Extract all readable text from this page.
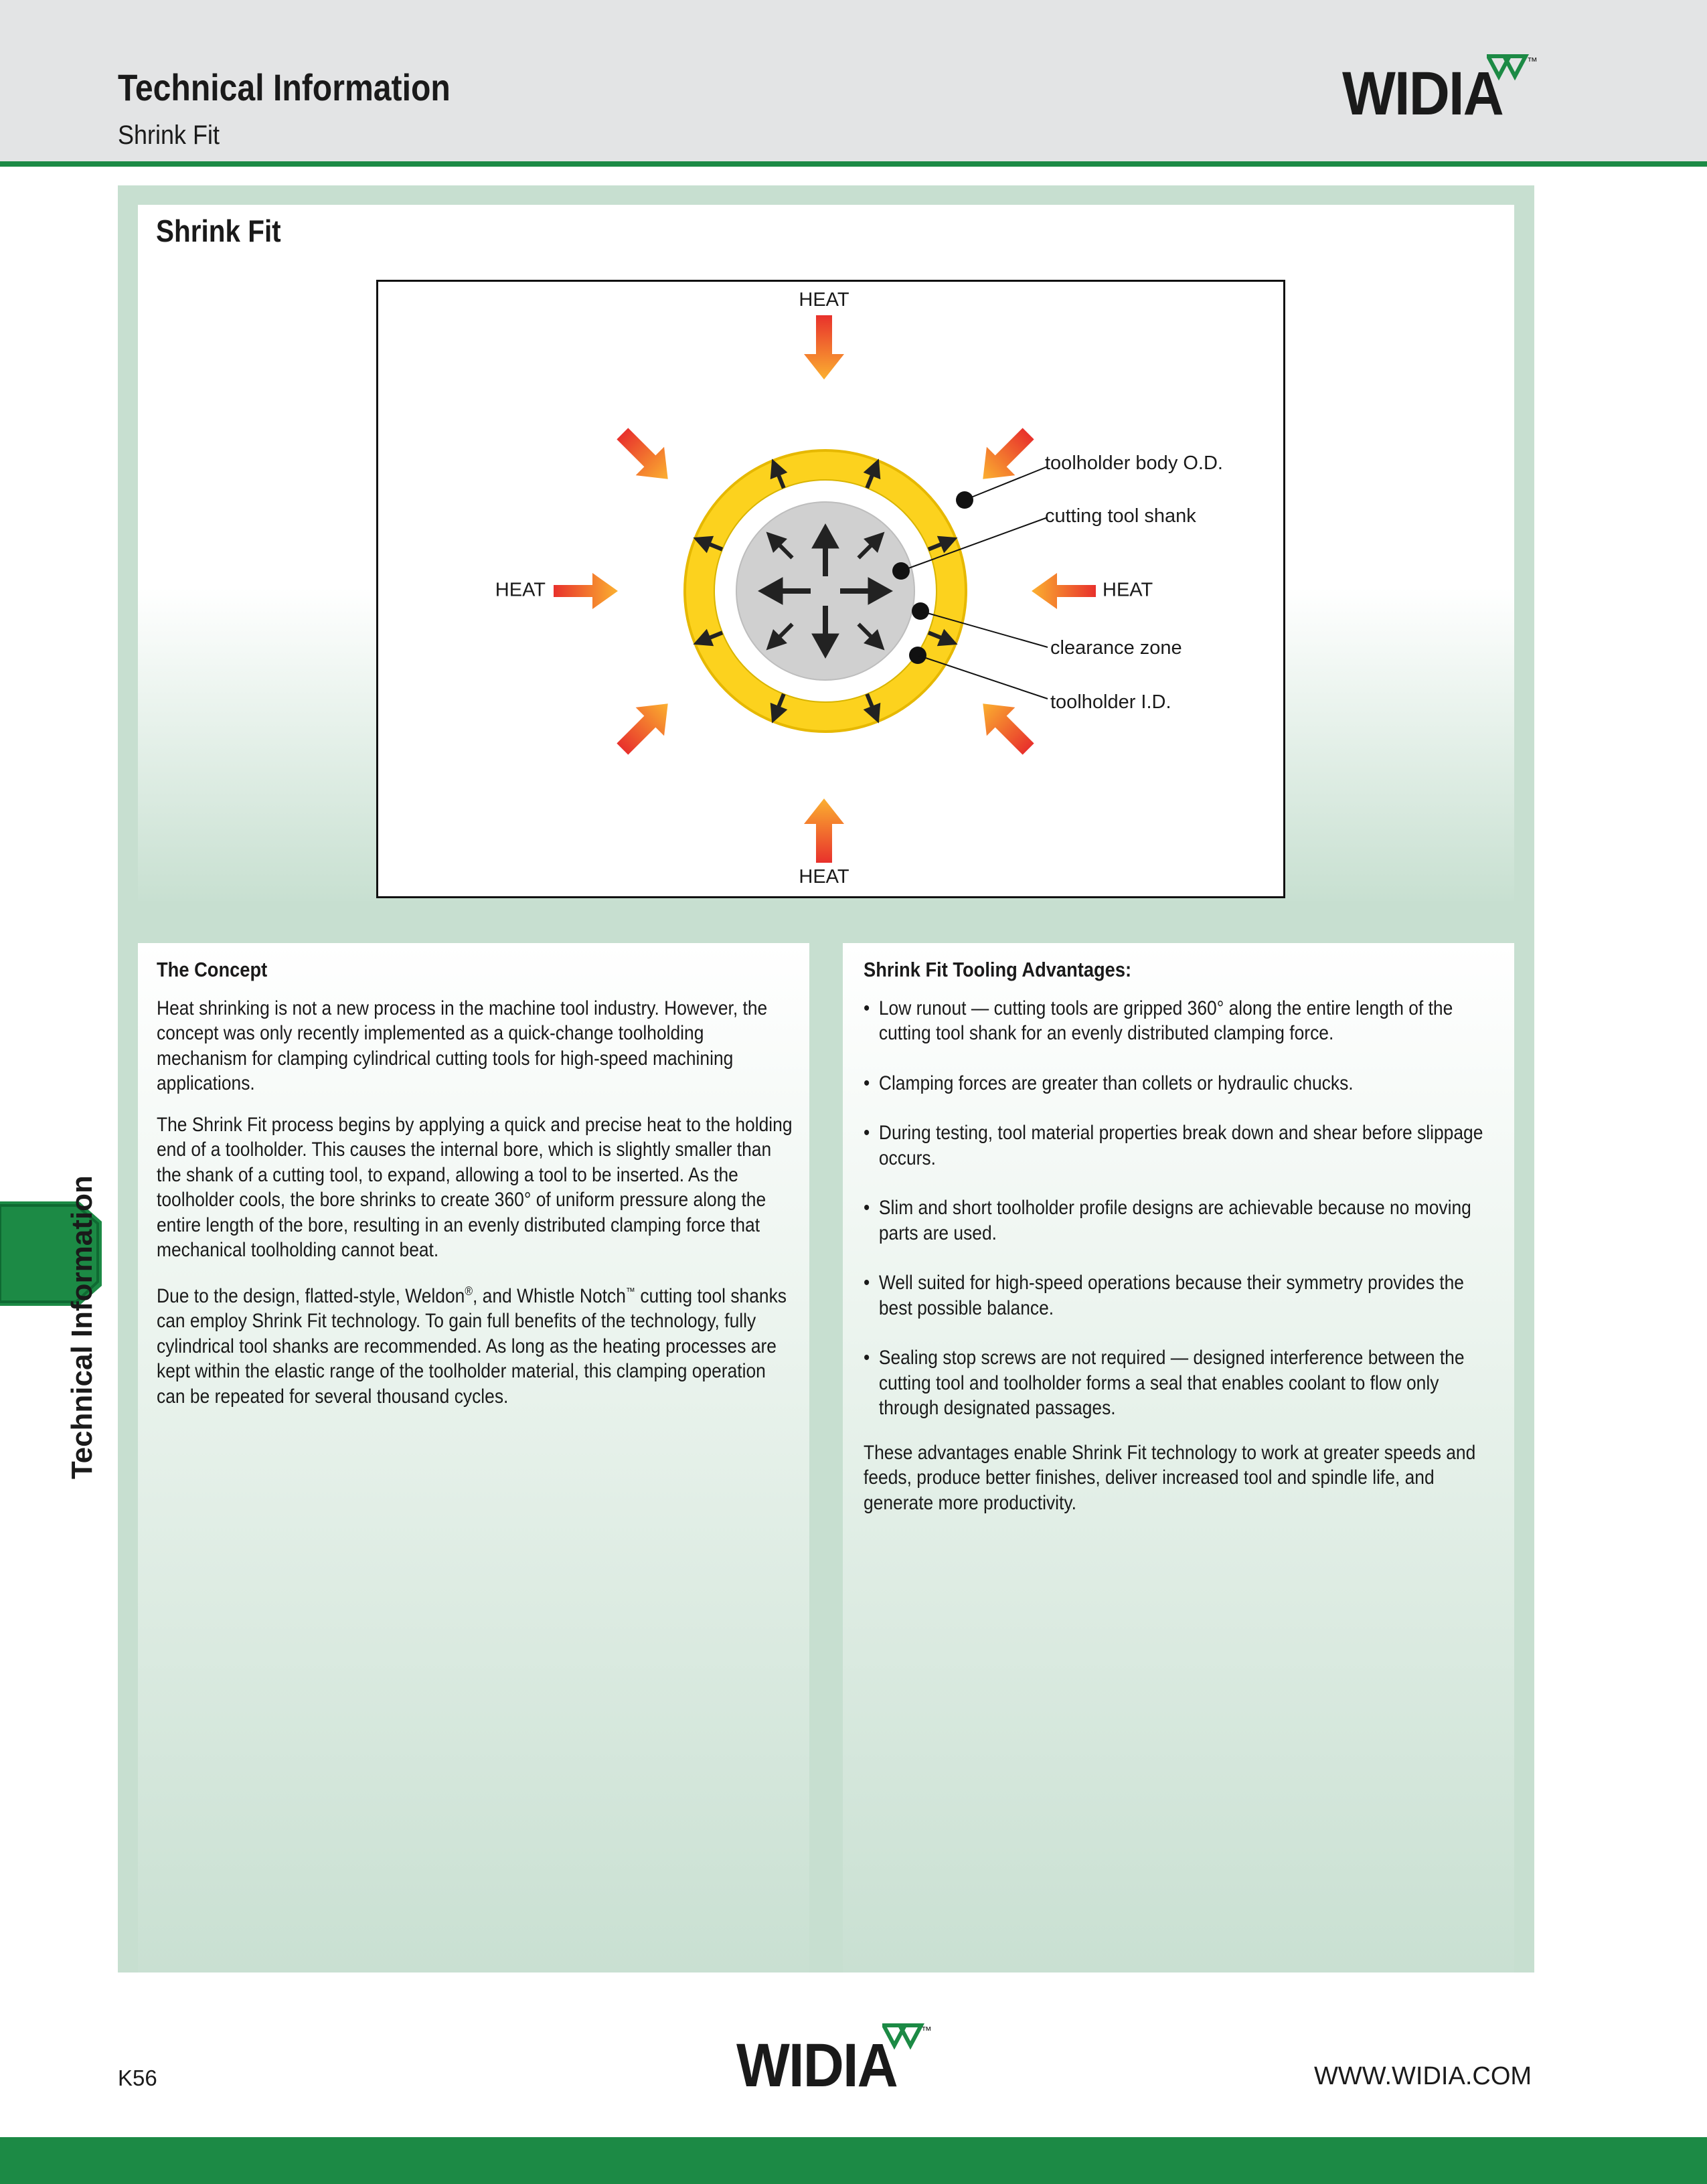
Technical Information
Shrink Fit
WIDIA ™
Shrink Fit
HEAT
HEAT
HEAT	HEAT
toolholder body O.D.
cutting tool shank
clearance zone
toolholder I.D.
The Concept

Heat shrinking is not a new process in the machine tool industry. However, the concept was only recently implemented as a quick-change toolholding mechanism for clamping cylindrical cutting tools for high-speed machining applications.

The Shrink Fit process begins by applying a quick and precise heat to the holding end of a toolholder. This causes the internal bore, which is slightly smaller than the shank of a cutting tool, to expand, allowing a tool to be inserted. As the toolholder cools, the bore shrinks to create 360° of uniform pressure along the entire length of the bore, resulting in an evenly distributed clamping force that mechanical toolholding cannot beat.

Due to the design, flatted-style, Weldon®, and Whistle Notch™ cutting tool shanks can employ Shrink Fit technology. To gain full benefits of the technology, fully cylindrical tool shanks are recommended. As long as the heating processes are kept within the elastic range of the toolholder material, this clamping operation can be repeated for several thousand cycles.

Shrink Fit Tooling Advantages:
• Low runout — cutting tools are gripped 360° along the entire length of the cutting tool shank for an evenly distributed clamping force.
• Clamping forces are greater than collets or hydraulic chucks.
• During testing, tool material properties break down and shear before slippage occurs.
• Slim and short toolholder profile designs are achievable because no moving parts are used.
• Well suited for high-speed operations because their symmetry provides the best possible balance.
• Sealing stop screws are not required — designed interference between the cutting tool and toolholder forms a seal that enables coolant to flow only through designated passages.

These advantages enable Shrink Fit technology to work at greater speeds and feeds, produce better finishes, deliver increased tool and spindle life, and generate more productivity.

Technical Information
K56	WIDIA
™
WWW.WIDIA.COM
